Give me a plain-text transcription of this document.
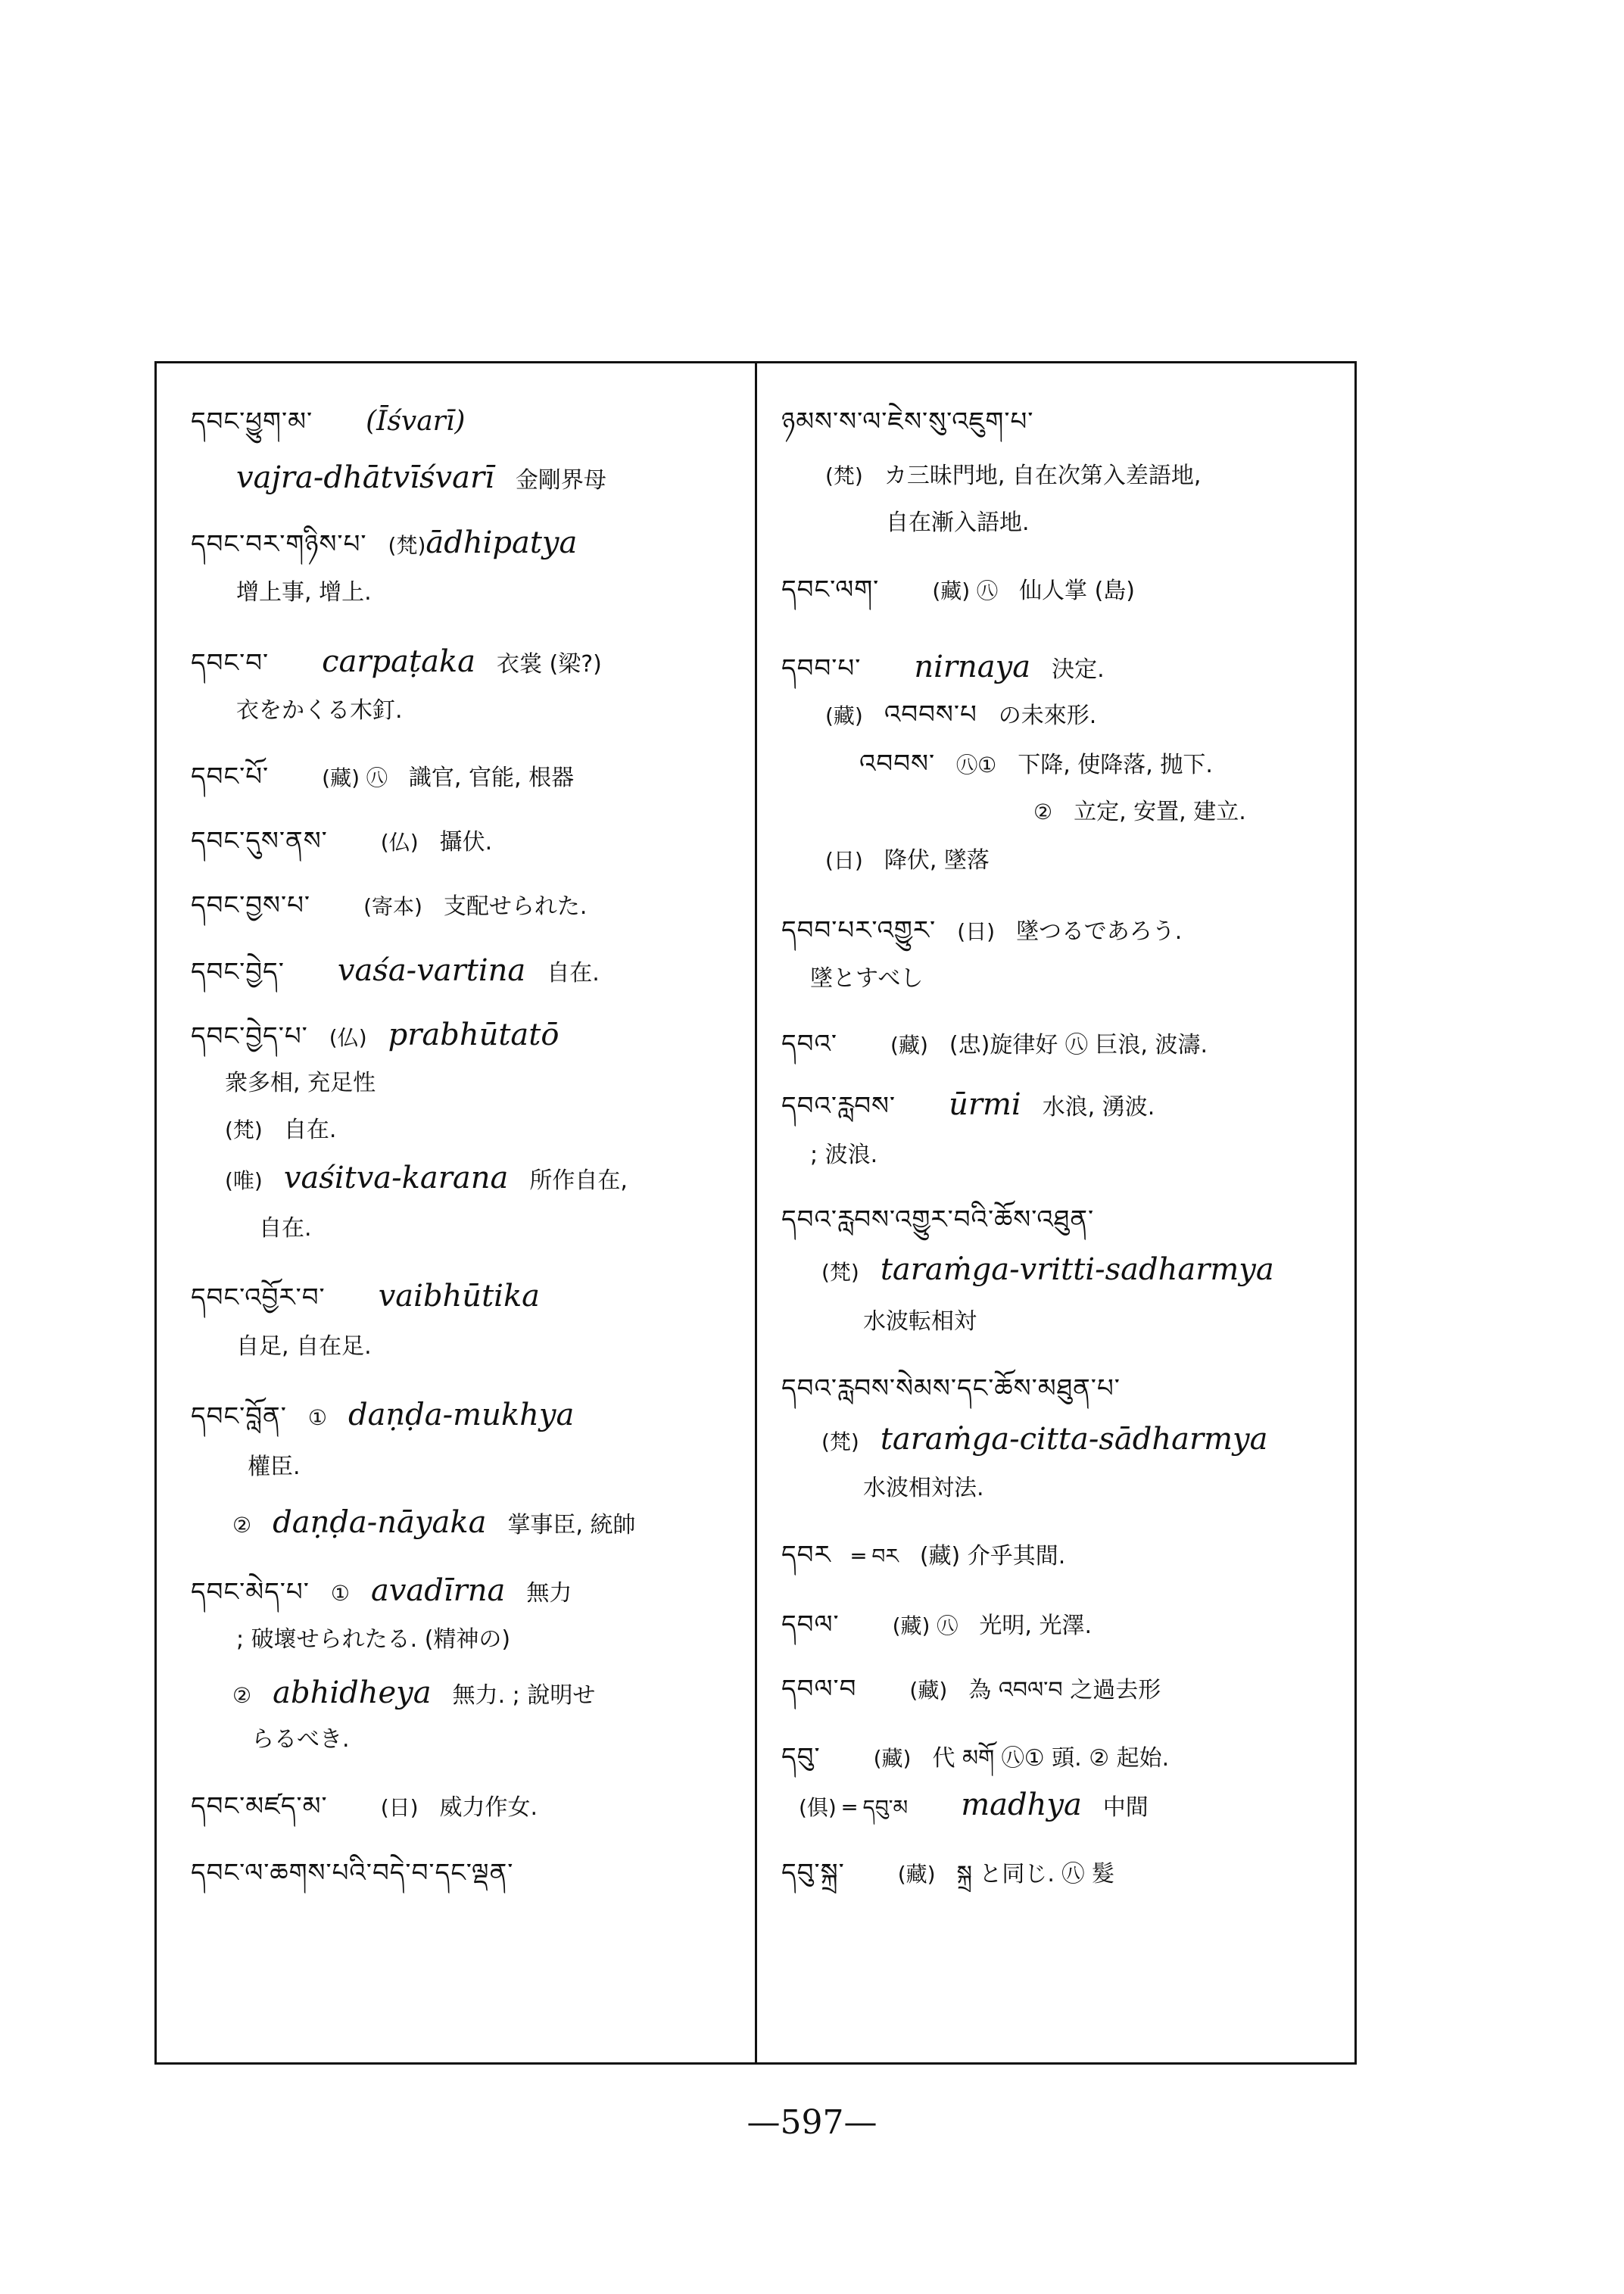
དབང་ཕྱུག་མ་ (Īśvarī)
vajra-dhātvīśvarī 金剛界母
དབང་བར་གཉིས་པ་ (梵)ādhipatya
增上事, 增上.
དབང་བ་ carpaṭaka 衣裳 (梁?)
衣をかくる木釘.
དབང་པོ་	(藏) ㊇ 識官, 官能, 根器
དབང་དུས་ནས་	(仏) 攝伏.
དབང་བྱས་པ་	(寄本) 支配せられた.
དབང་བྱེད་ vaśa-vartina 自在.
དབང་བྱེད་པ་ (仏) prabhūtatō
衆多相, 充足性
(梵) 自在.
(唯) vaśitva-karana 所作自在,
自在.
དབང་འབྱོར་བ་ vaibhūtika
自足, 自在足.
དབང་བློན་ ① daṇḍa-mukhya
權臣.
② daṇḍa-nāyaka 掌事臣, 統帥
དབང་མེད་པ་ ① avadīrna 無力
; 破壞せられたる. (精神の)
② abhidheya 無力. ; 說明せ
らるべき.
དབང་མཛད་མ་	(日) 威力作女.
དབང་ལ་ཆགས་པའི་བདེ་བ་དང་ལྡན་
ཉམས་ས་ལ་ཇེས་སུ་འཇུག་པ་
(梵) カ三昧門地, 自在次第入差語地,
自在漸入語地.
དབང་ལག་	(藏) ㊇ 仙人掌 (島)
དབབ་པ་ nirnaya 決定.
(藏) འབབས་པ の未來形.
འབབས་ ㊇① 下降, 使降落, 抛下.
② 立定, 安置, 建立.
(日) 降伏, 墜落
དབབ་པར་འགྱུར་ (日) 墜つるであろう.
墜とすべし
དབའ་	(藏) (忠)旋律好 ㊇ 巨浪, 波濤.
དབའ་རླབས་ ūrmi 水浪, 湧波.
; 波浪.
དབའ་རླབས་འགྱུར་བའི་ཆོས་འཐུན་
(梵) taraṁga-vritti-sadharmya
水波転相対
དབའ་རླབས་སེམས་དང་ཆོས་མཐུན་པ་
(梵) taraṁga-citta-sādharmya
水波相対法.
དབར ═ བར (藏) 介乎其間.
དབལ་	(藏) ㊇ 光明, 光澤.
དབལ་བ	(藏) 為 འབལ་བ 之過去形
དབུ་	(藏) 代 མགོ ㊇① 頭. ② 起始.
(俱) ═ དབུ་མ madhya 中間
དབུ་སྐྲ་	(藏) སྐྲ と同じ. ㊇ 髮
—597—
